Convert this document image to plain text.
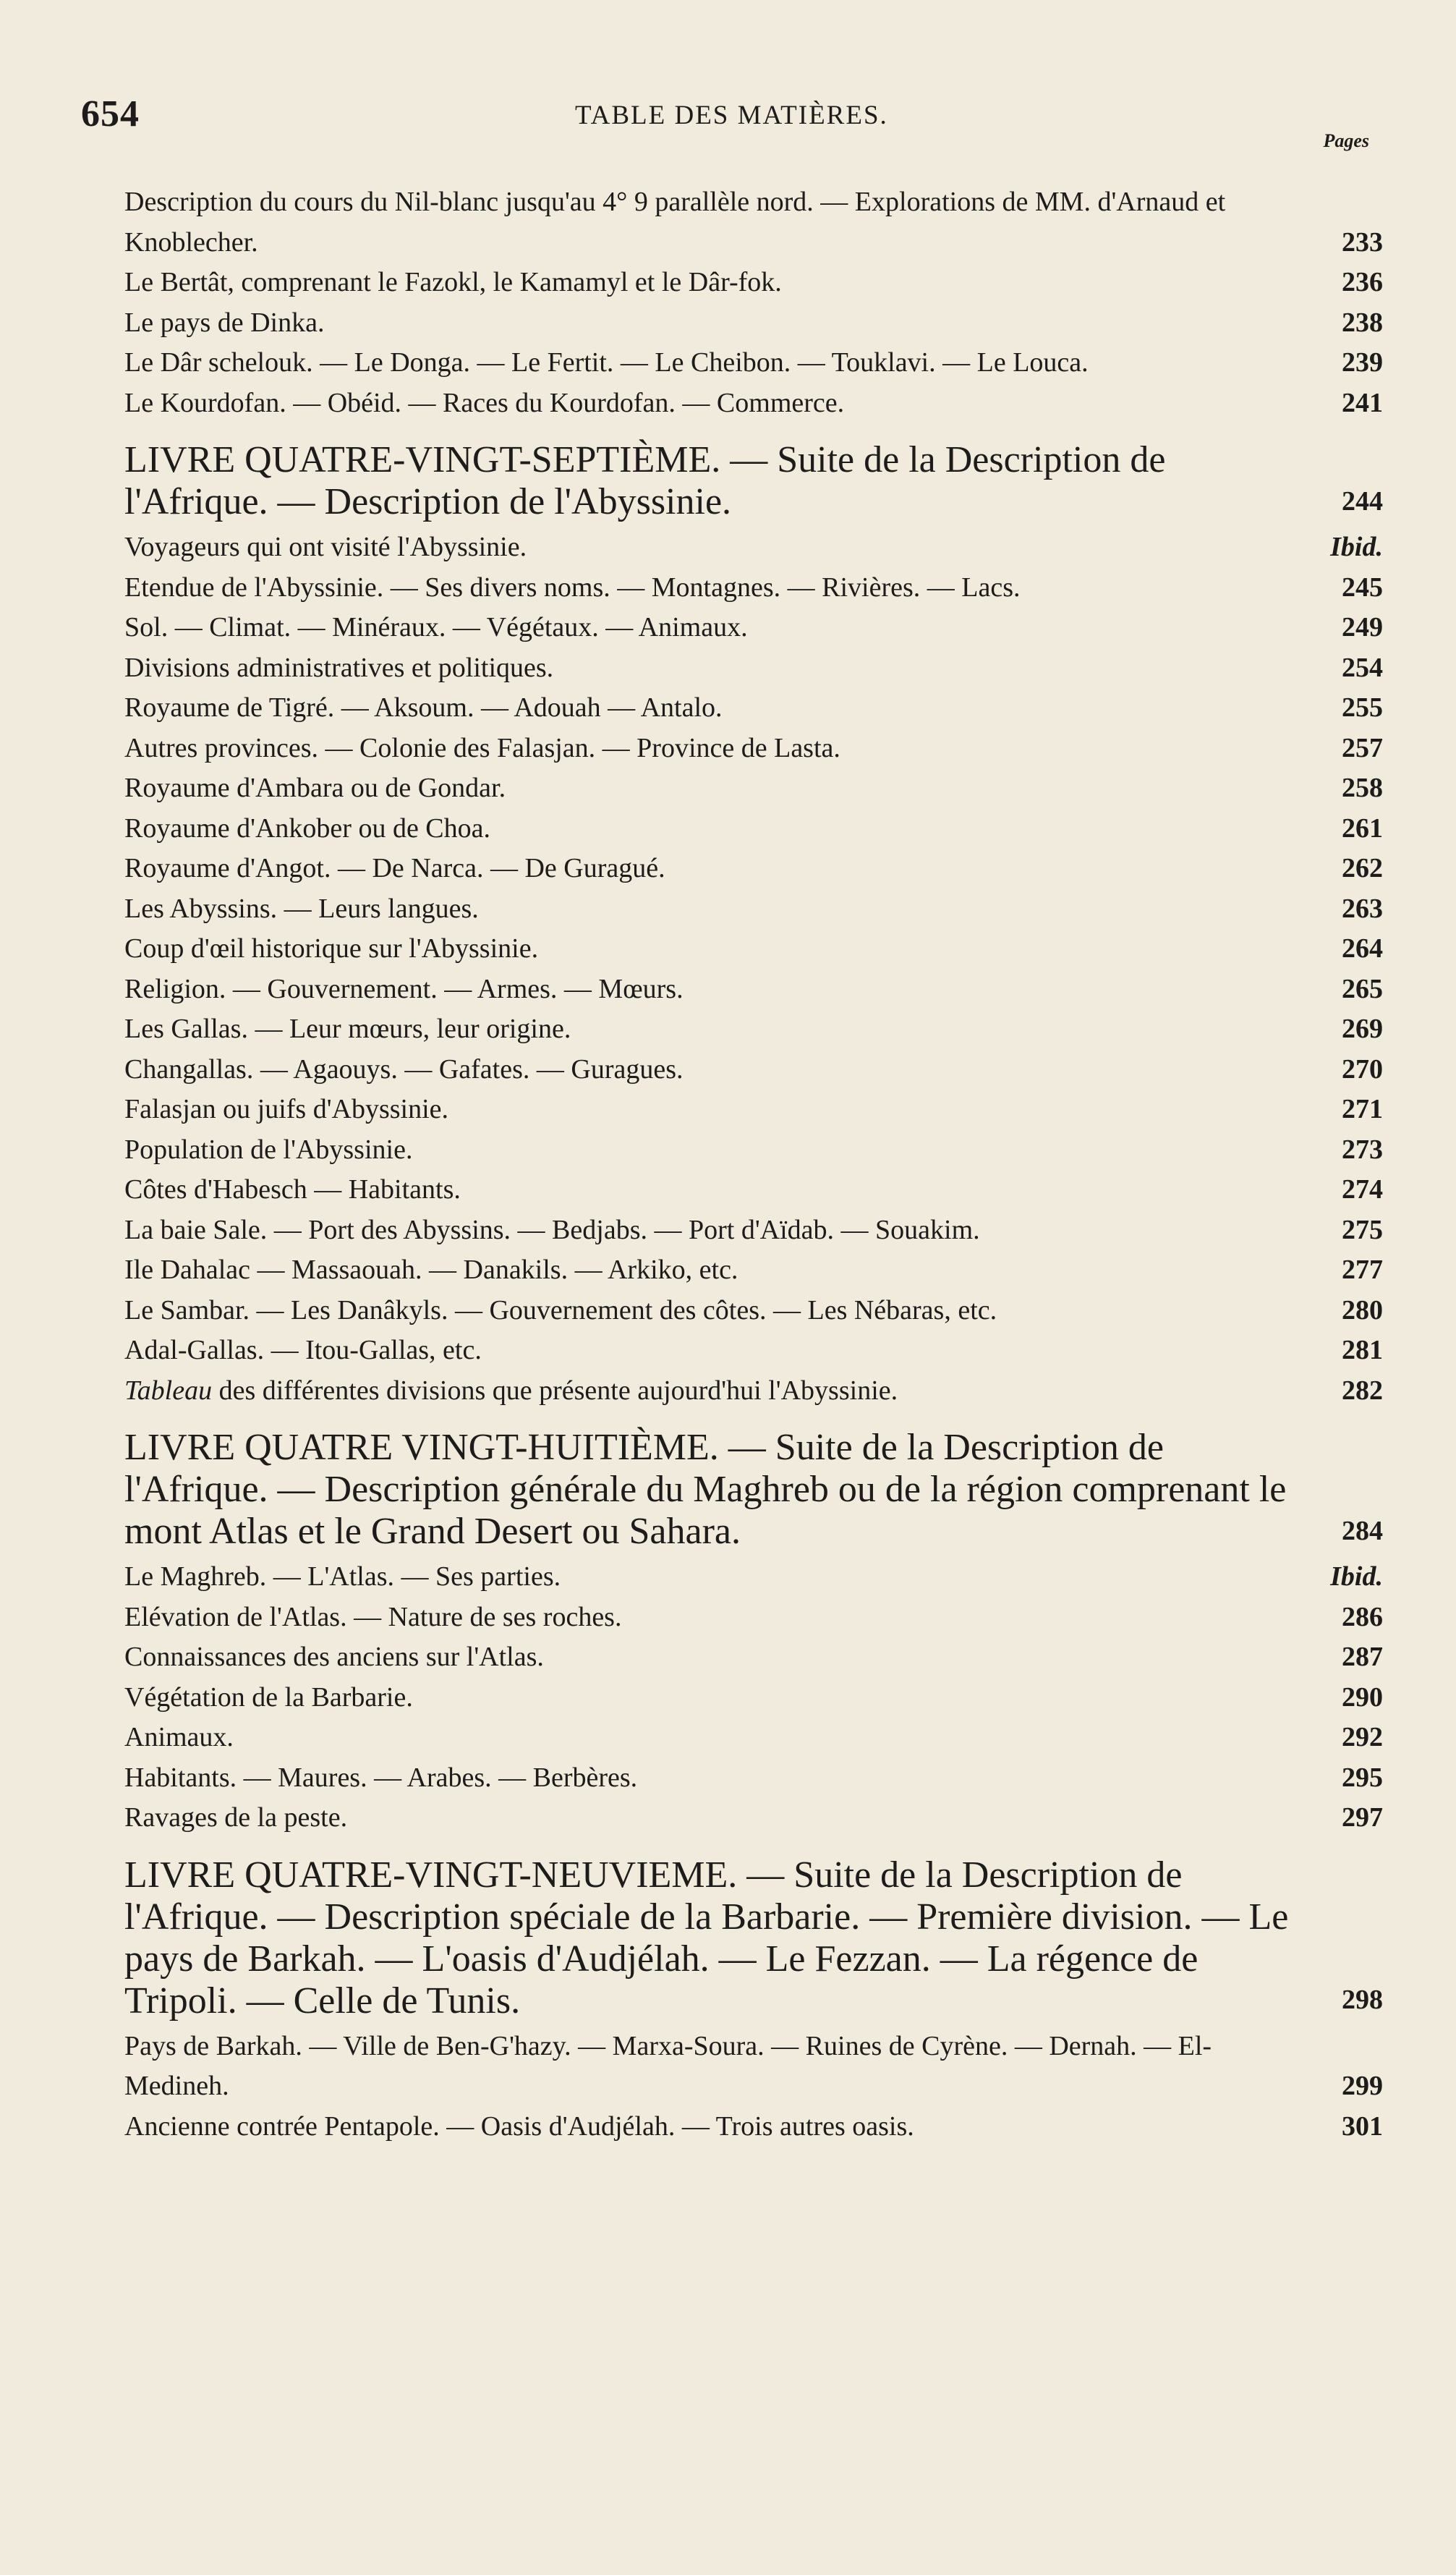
654	TABLE DES MATIÈRES.
Pages
Description du cours du Nil-blanc jusqu'au 4° 9 parallèle nord. — Explorations de MM. d'Arnaud et Knoblecher.	233
Le Bertât, comprenant le Fazokl, le Kamamyl et le Dâr-fok.	236
Le pays de Dinka.	238
Le Dâr schelouk. — Le Donga. — Le Fertit. — Le Cheibon. — Touklavi. — Le Louca.	239
Le Kourdofan. — Obéid. — Races du Kourdofan. — Commerce.	241
LIVRE QUATRE-VINGT-SEPTIÈME. — Suite de la Description de l'Afrique. — Description de l'Abyssinie.	244
Voyageurs qui ont visité l'Abyssinie.	Ibid.
Etendue de l'Abyssinie. — Ses divers noms. — Montagnes. — Rivières. — Lacs.	245
Sol. — Climat. — Minéraux. — Végétaux. — Animaux.	249
Divisions administratives et politiques.	254
Royaume de Tigré. — Aksoum. — Adouah — Antalo.	255
Autres provinces. — Colonie des Falasjan. — Province de Lasta.	257
Royaume d'Ambara ou de Gondar.	258
Royaume d'Ankober ou de Choa.	261
Royaume d'Angot. — De Narca. — De Guragué.	262
Les Abyssins. — Leurs langues.	263
Coup d'œil historique sur l'Abyssinie.	264
Religion. — Gouvernement. — Armes. — Mœurs.	265
Les Gallas. — Leur mœurs, leur origine.	269
Changallas. — Agaouys. — Gafates. — Guragues.	270
Falasjan ou juifs d'Abyssinie.	271
Population de l'Abyssinie.	273
Côtes d'Habesch — Habitants.	274
La baie Sale. — Port des Abyssins. — Bedjabs. — Port d'Aïdab. — Souakim.	275
Ile Dahalac — Massaouah. — Danakils. — Arkiko, etc.	277
Le Sambar. — Les Danâkyls. — Gouvernement des côtes. — Les Nébaras, etc.	280
Adal-Gallas. — Itou-Gallas, etc.	281
Tableau des différentes divisions que présente aujourd'hui l'Abyssinie.	282
LIVRE QUATRE VINGT-HUITIÈME. — Suite de la Description de l'Afrique. — Description générale du Maghreb ou de la région comprenant le mont Atlas et le Grand Desert ou Sahara.	284
Le Maghreb. — L'Atlas. — Ses parties.	Ibid.
Elévation de l'Atlas. — Nature de ses roches.	286
Connaissances des anciens sur l'Atlas.	287
Végétation de la Barbarie.	290
Animaux.	292
Habitants. — Maures. — Arabes. — Berbères.	295
Ravages de la peste.	297
LIVRE QUATRE-VINGT-NEUVIEME. — Suite de la Description de l'Afrique. — Description spéciale de la Barbarie. — Première division. — Le pays de Barkah. — L'oasis d'Audjélah. — Le Fezzan. — La régence de Tripoli. — Celle de Tunis.	298
Pays de Barkah. — Ville de Ben-G'hazy. — Marxa-Soura. — Ruines de Cyrène. — Dernah. — El-Medineh.	299
Ancienne contrée Pentapole. — Oasis d'Audjélah. — Trois autres oasis.	301
